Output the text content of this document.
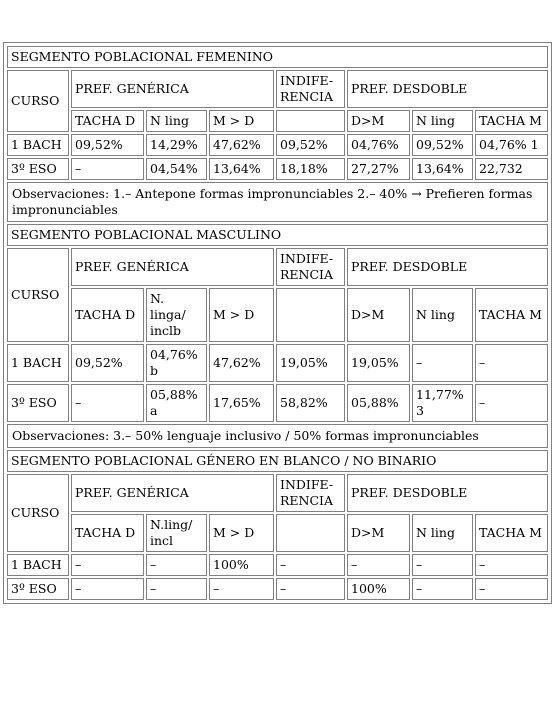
SEGMENTO POBLACIONAL FEMENINO							
CURSO	PREF. GENÉRICA			INDIFE-RENCIA	PREF. DESDOBLE		
	TACHA D	N ling	M > D		D>M	N ling	TACHA M
1 BACH	09,52%	14,29%	47,62%	09,52%	04,76%	09,52%	04,76% 1
3º ESO	–	04,54%	13,64%	18,18%	27,27%	13,64%	22,732
Observaciones: 1.– Antepone formas impronunciables 2.– 40% → Prefieren formas impronunciables							
SEGMENTO POBLACIONAL MASCULINO							
CURSO	PREF. GENÉRICA			INDIFE-RENCIA	PREF. DESDOBLE		
	TACHA D	N. linga/ inclb	M > D		D>M	N ling	TACHA M
1 BACH	09,52%	04,76% b	47,62%	19,05%	19,05%	–	–
3º ESO	–	05,88% a	17,65%	58,82%	05,88%	11,77% 3	–
Observaciones: 3.– 50% lenguaje inclusivo / 50% formas impronunciables							
SEGMENTO POBLACIONAL GÉNERO EN BLANCO / NO BINARIO							
CURSO	PREF. GENÉRICA			INDIFE-RENCIA	PREF. DESDOBLE		
	TACHA D	N.ling/ incl	M > D		D>M	N ling	TACHA M
1 BACH	–	–	100%	–	–	–	–
3º ESO	–	–	–	–	100%	–	–
